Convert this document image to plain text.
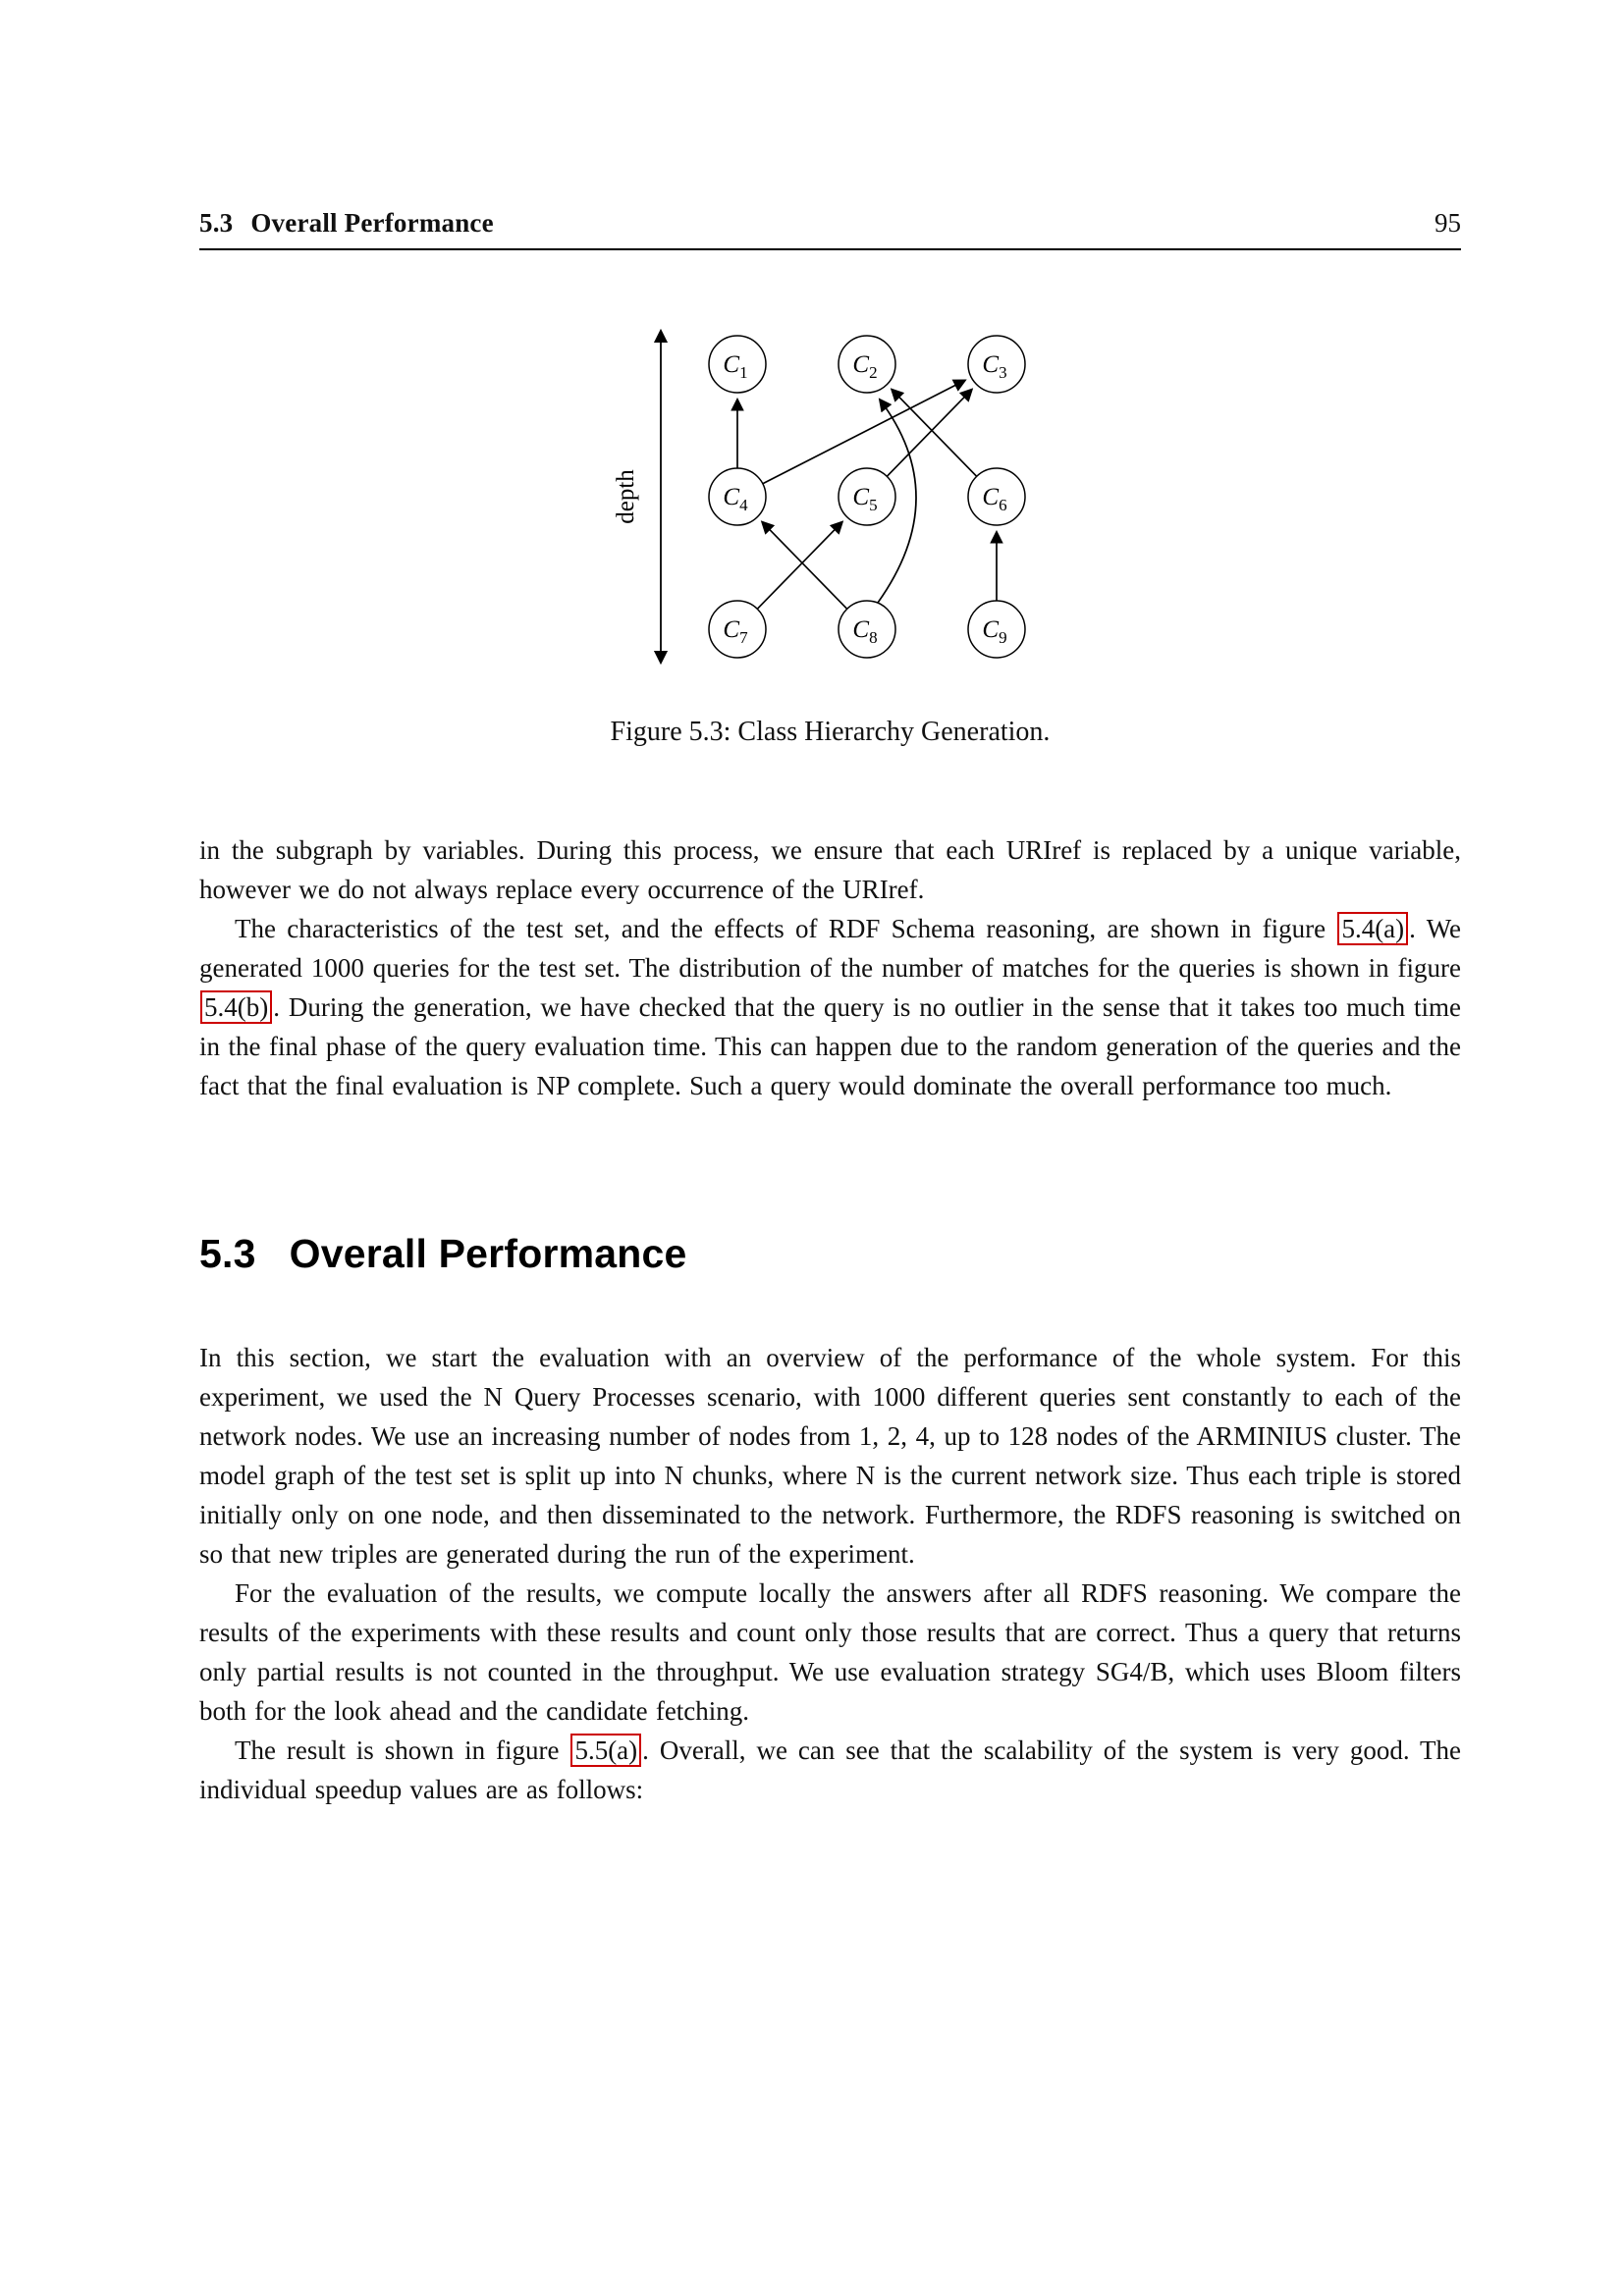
5.3 Overall Performance	95
depth
$C_1$	$C_2$	$C_3$
$C_4$	$C_5$	$C_6$
$C_7$	$C_8$	$C_9$
Figure 5.3: Class Hierarchy Generation.

in the subgraph by variables. During this process, we ensure that each URIref is replaced by a unique variable, however we do not always replace every occurrence of the URIref.

The characteristics of the test set, and the effects of RDF Schema reasoning, are shown in figure 5.4(a) . We generated 1000 queries for the test set. The distribution of the number of matches for the queries is shown in figure 5.4(b) . During the generation, we have checked that the query is no outlier in the sense that it takes too much time in the final phase of the query evaluation time. This can happen due to the random generation of the queries and the fact that the final evaluation is NP complete. Such a query would dominate the overall performance too much.

5.3 Overall Performance

In this section, we start the evaluation with an overview of the performance of the whole system. For this experiment, we used the N Query Processes scenario, with 1000 different queries sent constantly to each of the network nodes. We use an increasing number of nodes from 1, 2, 4, up to 128 nodes of the ARMINIUS cluster. The model graph of the test set is split up into N chunks, where N is the current network size. Thus each triple is stored initially only on one node, and then disseminated to the network. Furthermore, the RDFS reasoning is switched on so that new triples are generated during the run of the experiment.

For the evaluation of the results, we compute locally the answers after all RDFS reasoning. We compare the results of the experiments with these results and count only those results that are correct. Thus a query that returns only partial results is not counted in the throughput. We use evaluation strategy SG4/B, which uses Bloom filters both for the look ahead and the candidate fetching.

The result is shown in figure 5.5(a) . Overall, we can see that the scalability of the system is very good. The individual speedup values are as follows:
